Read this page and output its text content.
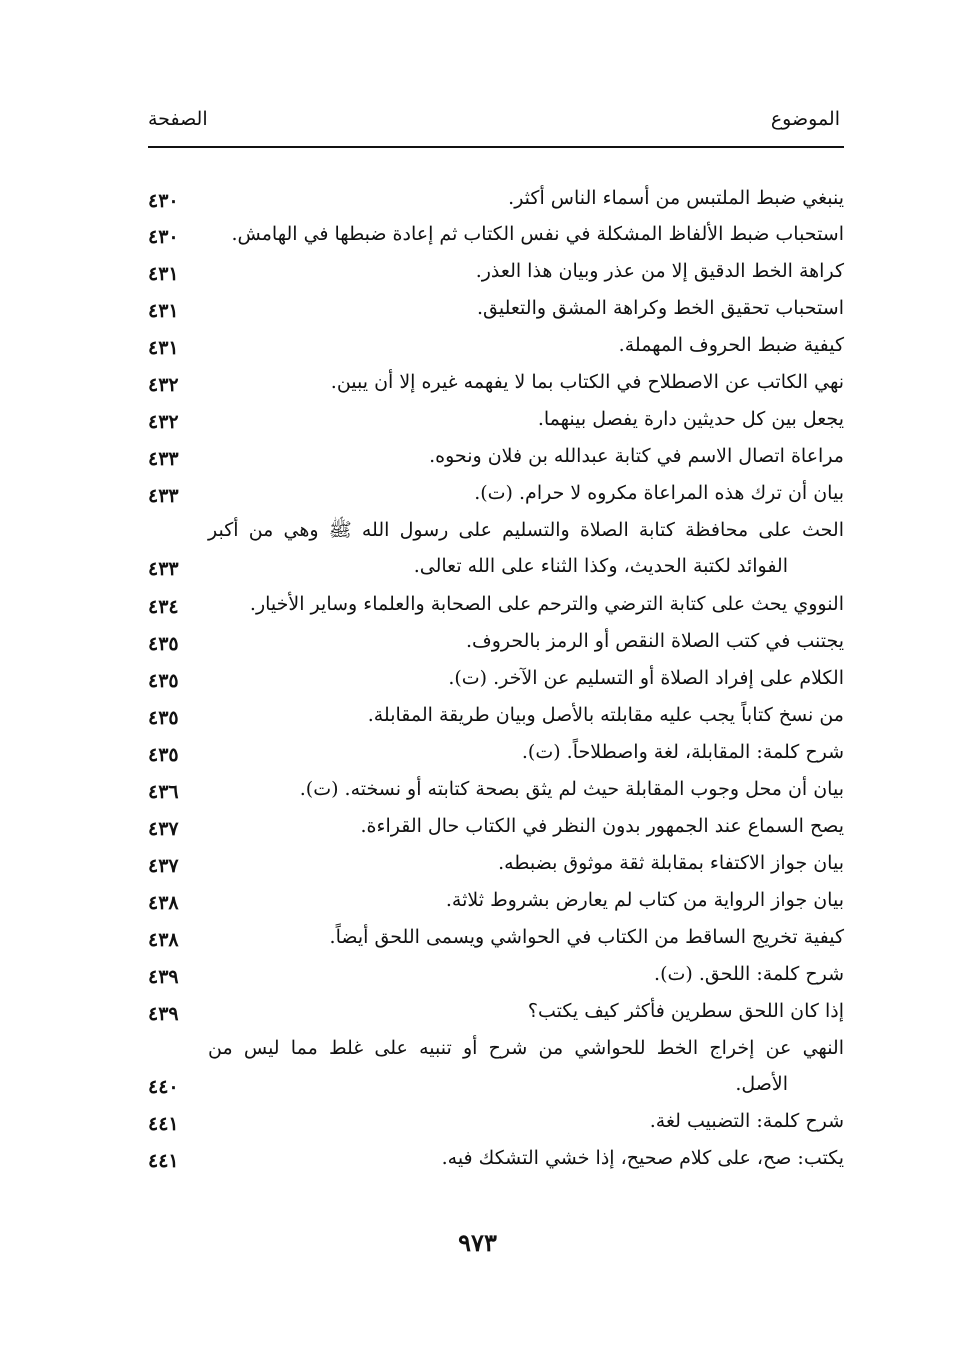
الموضوع
الصفحة
ينبغي ضبط الملتبس من أسماء الناس أكثر.
٤٣٠
استحباب ضبط الألفاظ المشكلة في نفس الكتاب ثم إعادة ضبطها في الهامش.
٤٣٠
كراهة الخط الدقيق إلا من عذر وبيان هذا العذر.
٤٣١
استحباب تحقيق الخط وكراهة المشق والتعليق.
٤٣١
كيفية ضبط الحروف المهملة.
٤٣١
نهي الكاتب عن الاصطلاح في الكتاب بما لا يفهمه غيره إلا أن يبين.
٤٣٢
يجعل بين كل حديثين دارة يفصل بينهما.
٤٣٢
مراعاة اتصال الاسم في كتابة عبدالله بن فلان ونحوه.
٤٣٣
بيان أن ترك هذه المراعاة مكروه لا حرام. (ت).
٤٣٣
الحث على محافظة كتابة الصلاة والتسليم على رسول الله ﷺ وهي من أكبر
الفوائد لكتبة الحديث، وكذا الثناء على الله تعالى.
٤٣٣
النووي يحث على كتابة الترضي والترحم على الصحابة والعلماء وساير الأخيار.
٤٣٤
يجتنب في كتب الصلاة النقص أو الرمز بالحروف.
٤٣٥
الكلام على إفراد الصلاة أو التسليم عن الآخر. (ت).
٤٣٥
من نسخ كتاباً يجب عليه مقابلته بالأصل وبيان طريقة المقابلة.
٤٣٥
شرح كلمة: المقابلة، لغة واصطلاحاً. (ت).
٤٣٥
بيان أن محل وجوب المقابلة حيث لم يثق بصحة كتابته أو نسخته. (ت).
٤٣٦
يصح السماع عند الجمهور بدون النظر في الكتاب حال القراءة.
٤٣٧
بيان جواز الاكتفاء بمقابلة ثقة موثوق بضبطه.
٤٣٧
بيان جواز الرواية من كتاب لم يعارض بشروط ثلاثة.
٤٣٨
كيفية تخريج الساقط من الكتاب في الحواشي ويسمى اللحق أيضاً.
٤٣٨
شرح كلمة: اللحق. (ت).
٤٣٩
إذا كان اللحق سطرين فأكثر كيف يكتب؟
٤٣٩
النهي عن إخراج الخط للحواشي من شرح أو تنبيه على غلط مما ليس من
الأصل.
٤٤٠
شرح كلمة: التضبيب لغة.
٤٤١
يكتب: صح، على كلام صحيح، إذا خشي التشكك فيه.
٤٤١
٩٧٣
